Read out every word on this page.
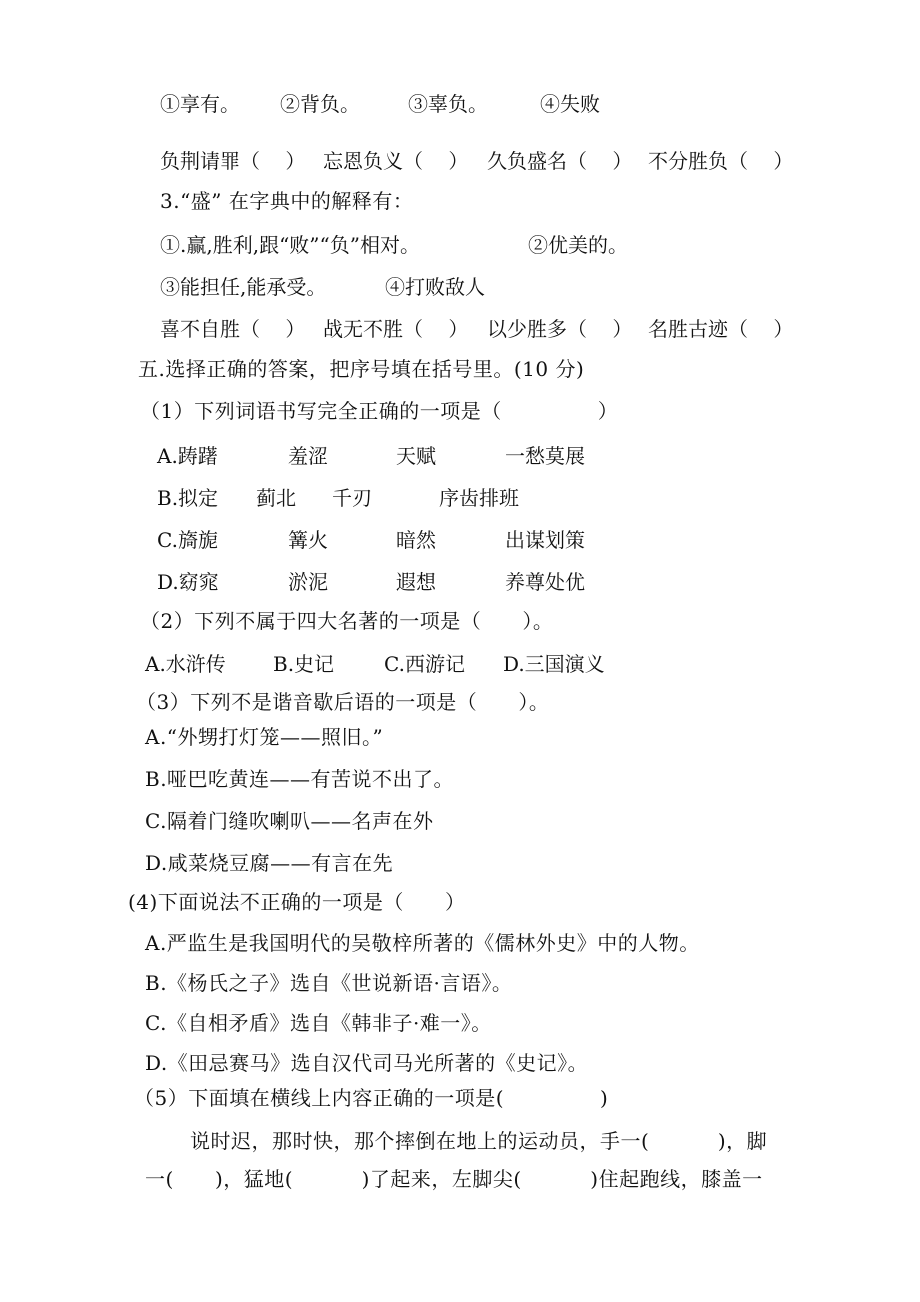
①享有。 ②背负。 ③辜负。	④失败
负荆请罪（    ） 忘恩负义（    ） 久负盛名（    ） 不分胜负（    ）
3.“盛” 在字典中的解释有：
①.赢,胜利,跟“败”“负”相对。	②优美的。
③能担任,能承受。	④打败敌人
喜不自胜（    ） 战无不胜（    ） 以少胜多（    ） 名胜古迹（    ）
五.选择正确的答案，把序号填在括号里。(10 分)
（1）下列词语书写完全正确的一项是（              ）
A.踌躇	羞涩	天赋	一愁莫展
B.拟定 蓟北 千刃	序齿排班
C.旖旎	篝火	暗然	出谋划策
D.窈窕	淤泥	遐想	养尊处优
（2）下列不属于四大名著的一项是（      ）。
A.水浒传 B.史记 C.西游记 D.三国演义
（3）下列不是谐音歇后语的一项是（      ）。
A.“外甥打灯笼——照旧。”
B.哑巴吃黄连——有苦说不出了。
C.隔着门缝吹喇叭——名声在外
D.咸菜烧豆腐——有言在先
(4)下面说法不正确的一项是（      ）
A.严监生是我国明代的吴敬梓所著的《儒林外史》中的人物。
B.《杨氏之子》选自《世说新语·言语》。
C.《自相矛盾》选自《韩非子·难一》。
D.《田忌赛马》选自汉代司马光所著的《史记》。
（5）下面填在横线上内容正确的一项是(              )
说时迟，那时快，那个摔倒在地上的运动员，手一(          )，脚
一(      )，猛地(          )了起来，左脚尖(          )住起跑线，膝盖一
